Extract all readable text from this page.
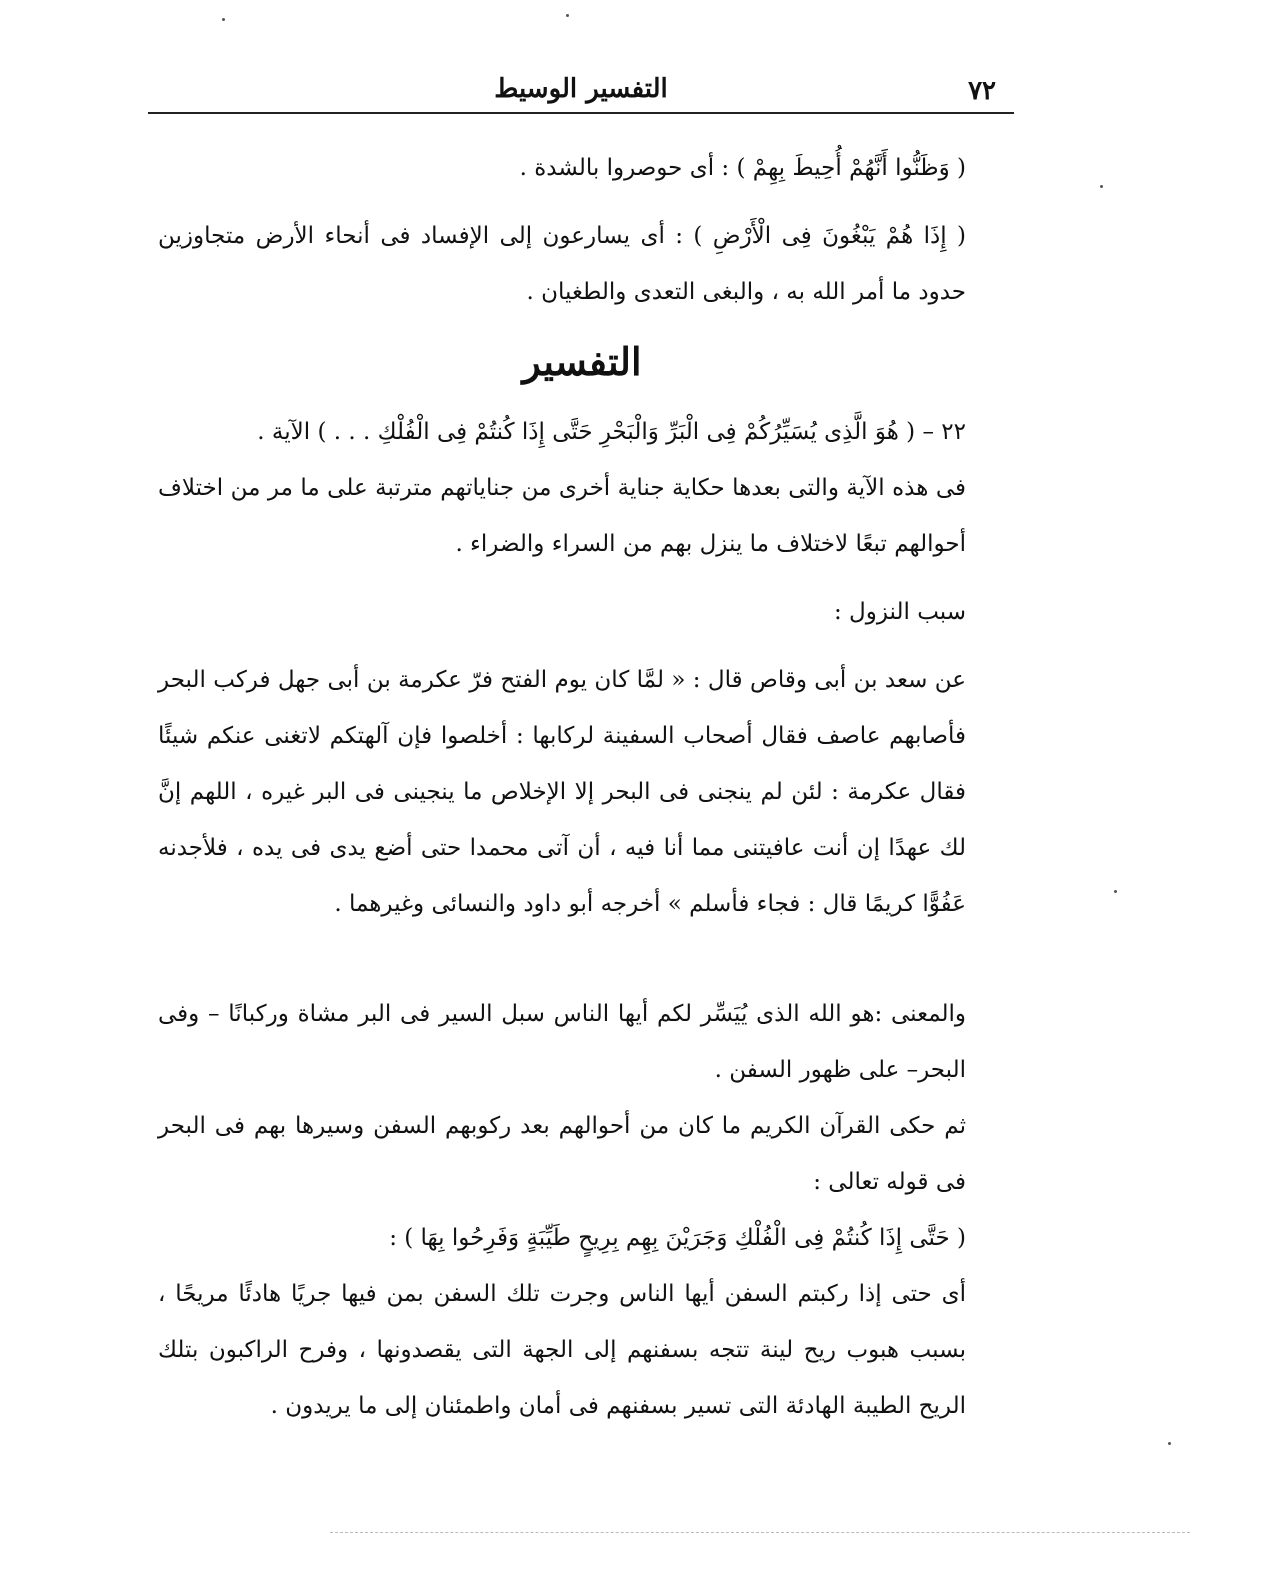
٧٢
التفسير الوسيط

( وَظَنُّوا أَنَّهُمْ أُحِيطَ بِهِمْ ) : أى حوصروا بالشدة .

( إِذَا هُمْ يَبْغُونَ فِى الْأَرْضِ ) : أى يسارعون إلى الإفساد فى أنحاء الأرض متجاوزين حدود ما أمر الله به ، والبغى التعدى والطغيان .

التفسير

٢٢ – ( هُوَ الَّذِى يُسَيِّرُكُمْ فِى الْبَرِّ وَالْبَحْرِ حَتَّى إِذَا كُنتُمْ فِى الْفُلْكِ . . . ) الآية .

فى هذه الآية والتى بعدها حكاية جناية أخرى من جناياتهم مترتبة على ما مر من اختلاف أحوالهم تبعًا لاختلاف ما ينزل بهم من السراء والضراء .

سبب النزول :

عن سعد بن أبى وقاص قال : « لمَّا كان يوم الفتح فرّ عكرمة بن أبى جهل فركب البحر فأصابهم عاصف فقال أصحاب السفينة لركابها : أخلصوا فإن آلهتكم لاتغنى عنكم شيئًا فقال عكرمة : لئن لم ينجنى فى البحر إلا الإخلاص ما ينجينى فى البر غيره ، اللهم إنَّ لك عهدًا إن أنت عافيتنى مما أنا فيه ، أن آتى محمدا حتى أضع يدى فى يده ، فلأجدنه عَفُوًّا كريمًا قال : فجاء فأسلم » أخرجه أبو داود والنسائى وغيرهما .

والمعنى :هو الله الذى يُيَسِّر لكم أيها الناس سبل السير فى البر مشاة وركبانًا – وفى البحر– على ظهور السفن .

ثم حكى القرآن الكريم ما كان من أحوالهم بعد ركوبهم السفن وسيرها بهم فى البحر فى قوله تعالى :

( حَتَّى إِذَا كُنتُمْ فِى الْفُلْكِ وَجَرَيْنَ بِهِم بِرِيحٍ طَيِّبَةٍ وَفَرِحُوا بِهَا ) :

أى حتى إذا ركبتم السفن أيها الناس وجرت تلك السفن بمن فيها جريًا هادئًا مريحًا ، بسبب هبوب ريح لينة تتجه بسفنهم إلى الجهة التى يقصدونها ، وفرح الراكبون بتلك الريح الطيبة الهادئة التى تسير بسفنهم فى أمان واطمئنان إلى ما يريدون .
